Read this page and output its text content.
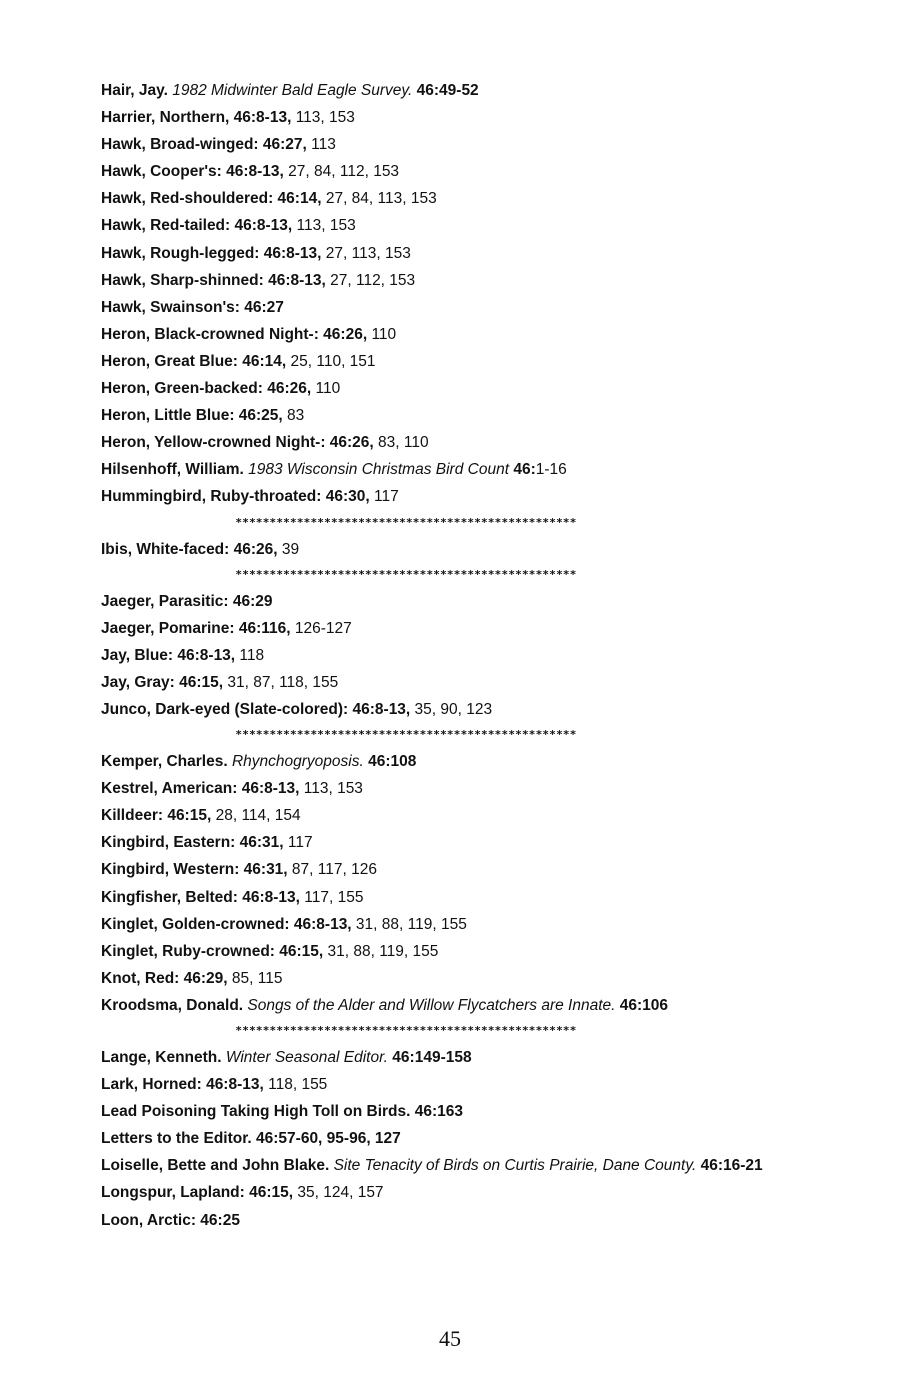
Hair, Jay. 1982 Midwinter Bald Eagle Survey. 46:49-52
Harrier, Northern, 46:8-13, 113, 153
Hawk, Broad-winged: 46:27, 113
Hawk, Cooper's: 46:8-13, 27, 84, 112, 153
Hawk, Red-shouldered: 46:14, 27, 84, 113, 153
Hawk, Red-tailed: 46:8-13, 113, 153
Hawk, Rough-legged: 46:8-13, 27, 113, 153
Hawk, Sharp-shinned: 46:8-13, 27, 112, 153
Hawk, Swainson's: 46:27
Heron, Black-crowned Night-: 46:26, 110
Heron, Great Blue: 46:14, 25, 110, 151
Heron, Green-backed: 46:26, 110
Heron, Little Blue: 46:25, 83
Heron, Yellow-crowned Night-: 46:26, 83, 110
Hilsenhoff, William. 1983 Wisconsin Christmas Bird Count 46:1-16
Hummingbird, Ruby-throated: 46:30, 117
**************************************************
Ibis, White-faced: 46:26, 39
**************************************************
Jaeger, Parasitic: 46:29
Jaeger, Pomarine: 46:116, 126-127
Jay, Blue: 46:8-13, 118
Jay, Gray: 46:15, 31, 87, 118, 155
Junco, Dark-eyed (Slate-colored): 46:8-13, 35, 90, 123
**************************************************
Kemper, Charles. Rhynchogryoposis. 46:108
Kestrel, American: 46:8-13, 113, 153
Killdeer: 46:15, 28, 114, 154
Kingbird, Eastern: 46:31, 117
Kingbird, Western: 46:31, 87, 117, 126
Kingfisher, Belted: 46:8-13, 117, 155
Kinglet, Golden-crowned: 46:8-13, 31, 88, 119, 155
Kinglet, Ruby-crowned: 46:15, 31, 88, 119, 155
Knot, Red: 46:29, 85, 115
Kroodsma, Donald. Songs of the Alder and Willow Flycatchers are Innate. 46:106
**************************************************
Lange, Kenneth. Winter Seasonal Editor. 46:149-158
Lark, Horned: 46:8-13, 118, 155
Lead Poisoning Taking High Toll on Birds. 46:163
Letters to the Editor. 46:57-60, 95-96, 127
Loiselle, Bette and John Blake. Site Tenacity of Birds on Curtis Prairie, Dane County. 46:16-21
Longspur, Lapland: 46:15, 35, 124, 157
Loon, Arctic: 46:25
45
